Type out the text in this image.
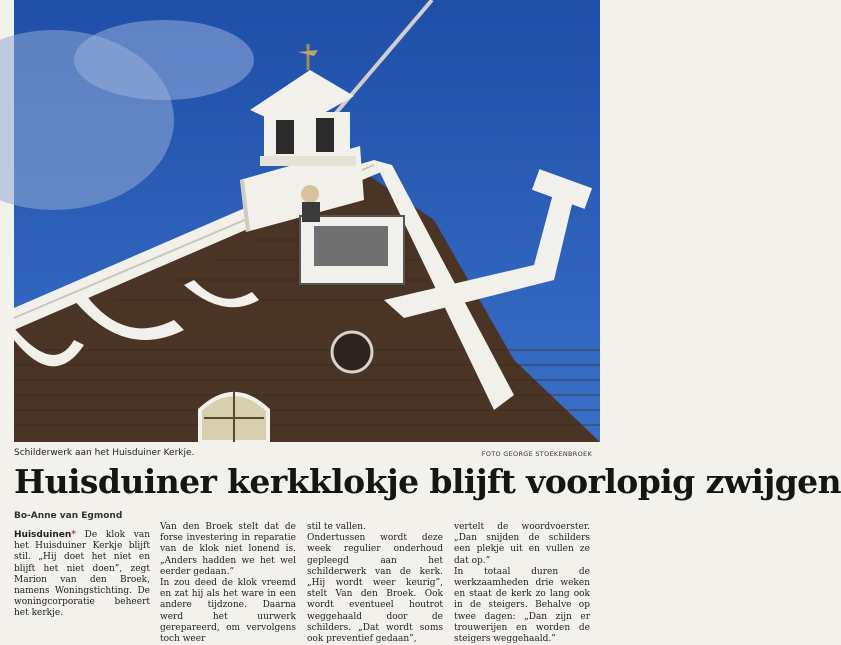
Schilderwerk aan het Huisduiner Kerkje.	FOTO GEORGE STOEKENBROEK
Huisduiner kerkklokje blijft voorlopig zwijgen
Bo-Anne van Egmond
Huisduinen* De klok van het Huisduiner Kerkje blijft stil. „Hij doet het niet en blijft het niet doen”, zegt Marion van den Broek, namens Woningstichting. De woningcorporatie beheert het kerkje.
Van den Broek stelt dat de forse investering in reparatie van de klok niet lonend is. „Anders hadden we het wel eerder gedaan.”
In zou deed de klok vreemd en zat hij als het ware in een andere tijdzone. Daarna werd het uurwerk gerepareerd, om vervolgens toch weer
stil te vallen.
Ondertussen wordt deze week regulier onderhoud gepleegd aan het schilderwerk van de kerk. „Hij wordt weer keurig”, stelt Van den Broek. Ook wordt eventueel houtrot weggehaald door de schilders. „Dat wordt soms ook preventief gedaan”,
vertelt de woordvoerster. „Dan snijden de schilders een plekje uit en vullen ze dat op.”
In totaal duren de werkzaamheden drie weken en staat de kerk zo lang ook in de steigers. Behalve op twee dagen: „Dan zijn er trouwerijen en worden de steigers weggehaald.”
